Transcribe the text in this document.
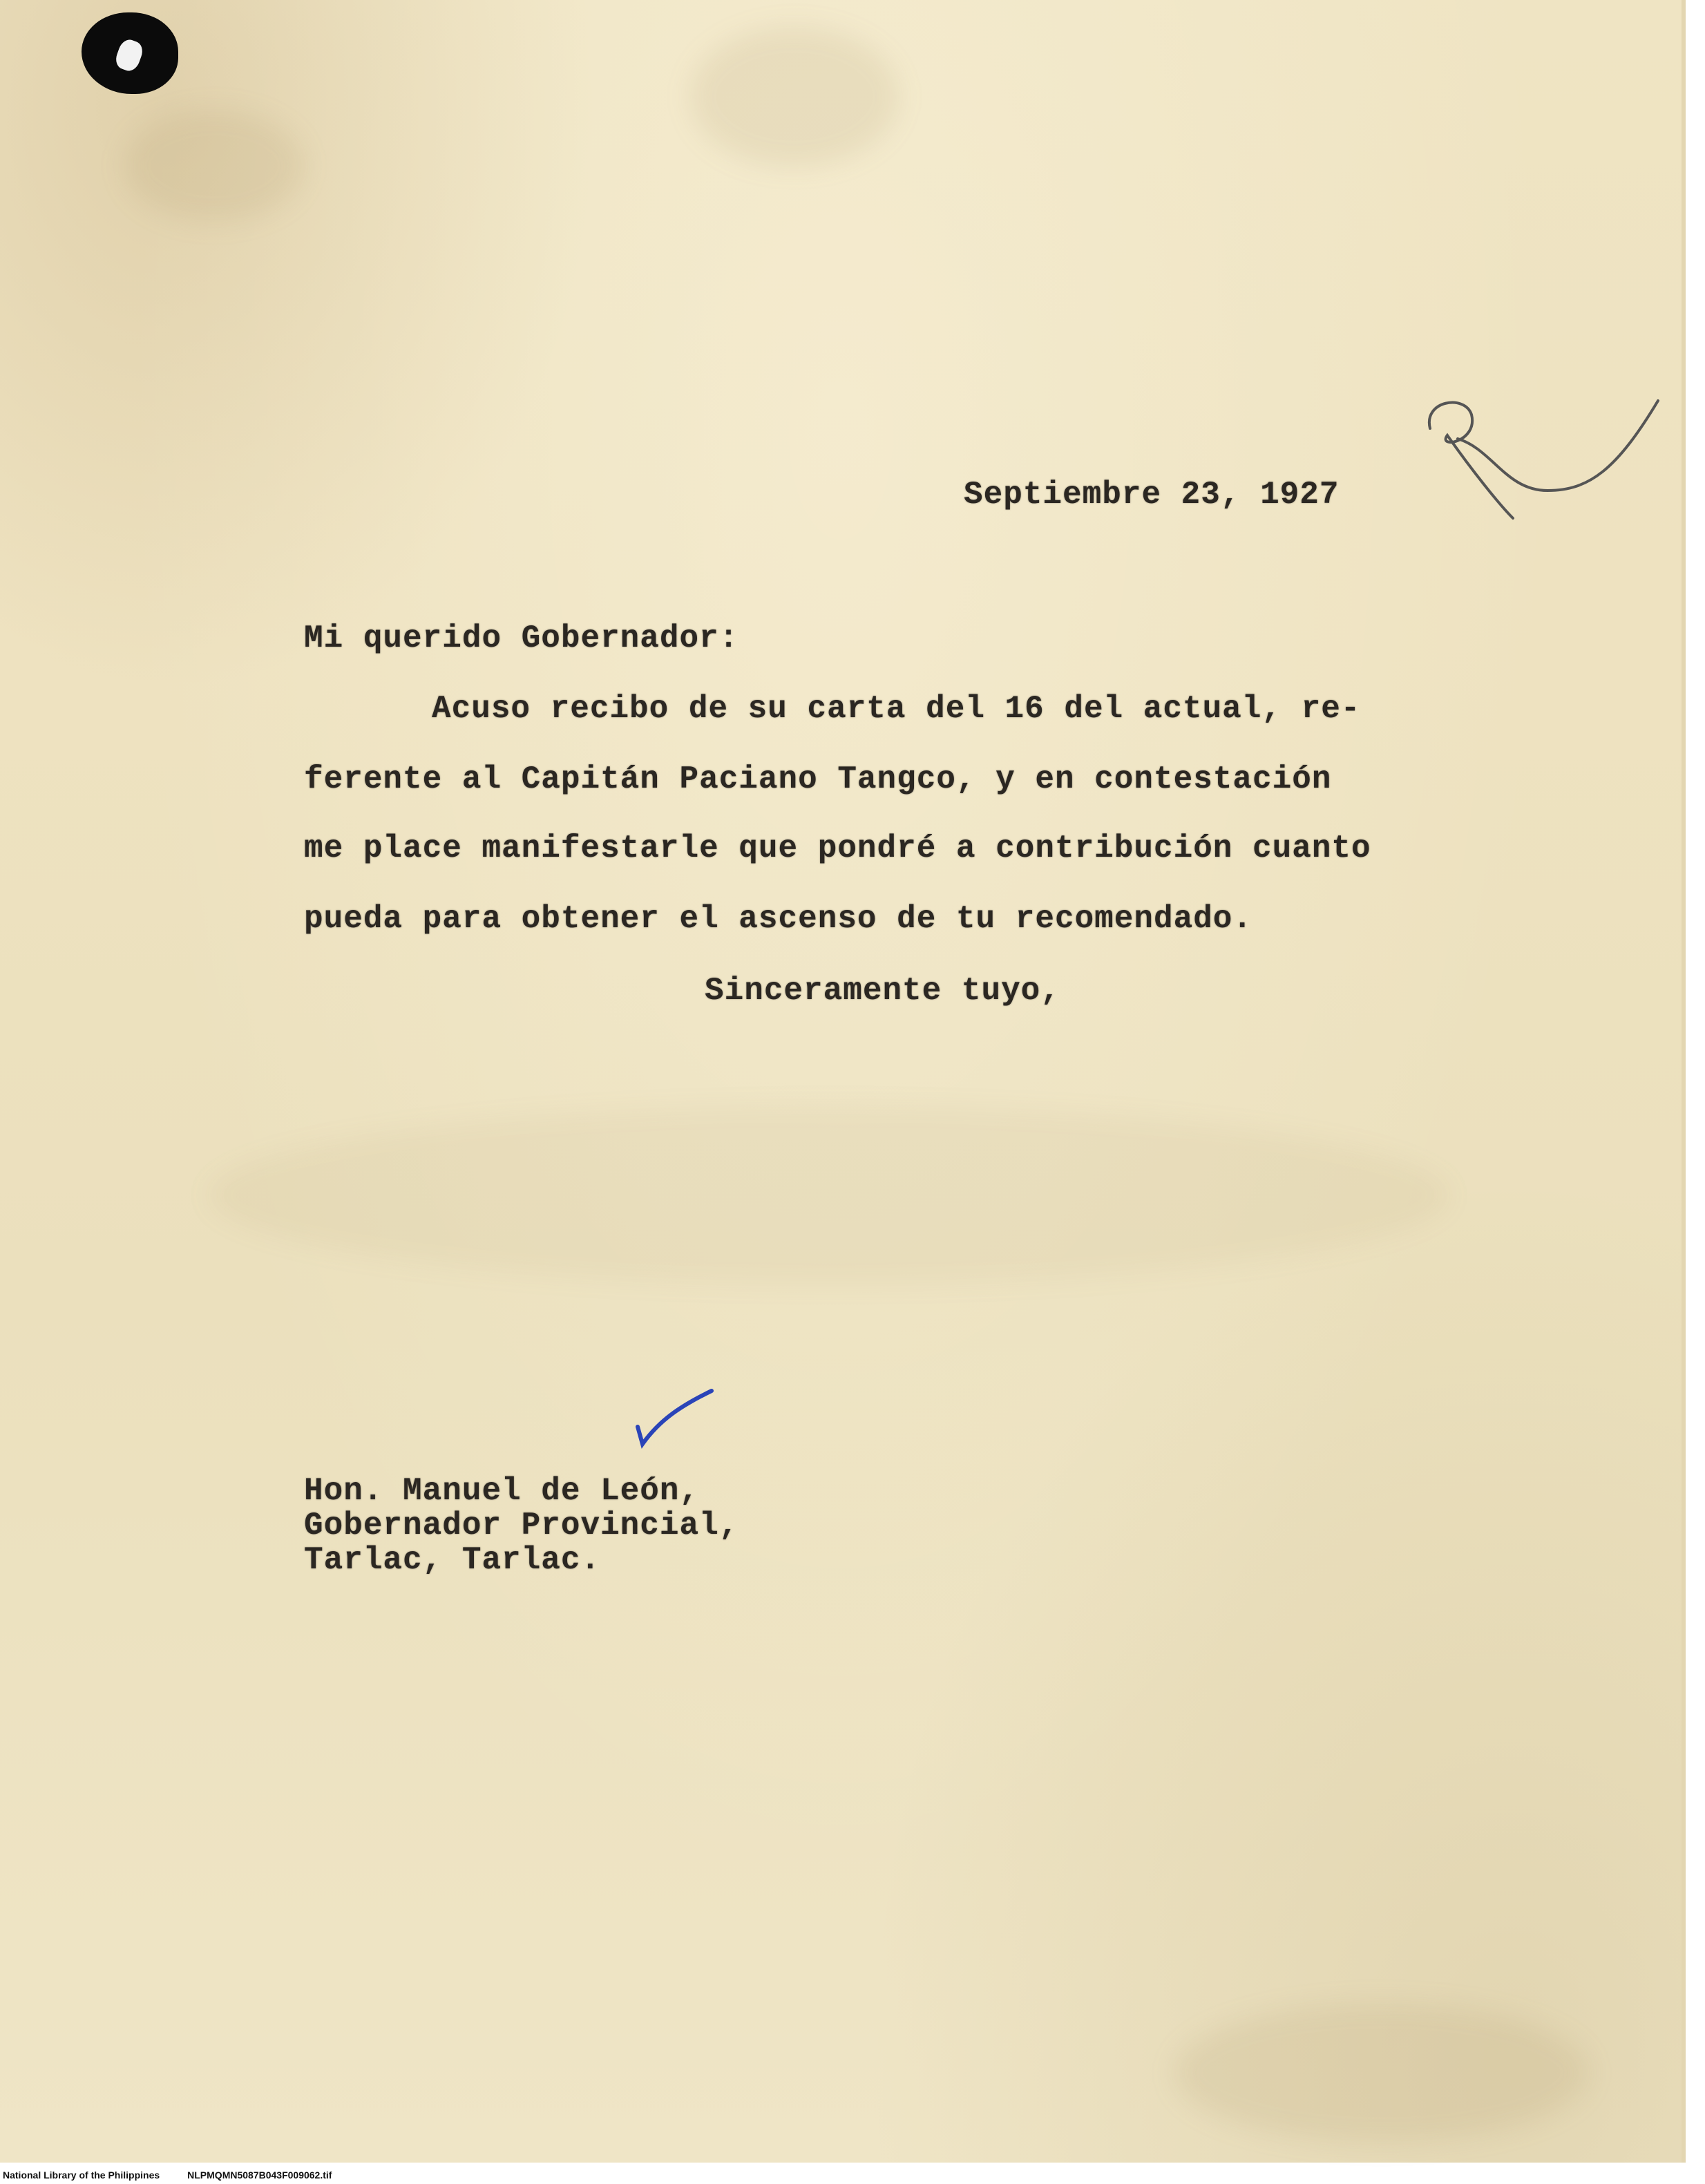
Septiembre 23, 1927
Mi querido Gobernador:
Acuso recibo de su carta del 16 del actual, re-
ferente al Capitán Paciano Tangco, y en contestación
me place manifestarle que pondré a contribución cuanto
pueda para obtener el ascenso de tu recomendado.
Sinceramente tuyo,
Hon. Manuel de León,
Gobernador Provincial,
Tarlac, Tarlac.
National Library of the Philippines	NLPMQMN5087B043F009062.tif
